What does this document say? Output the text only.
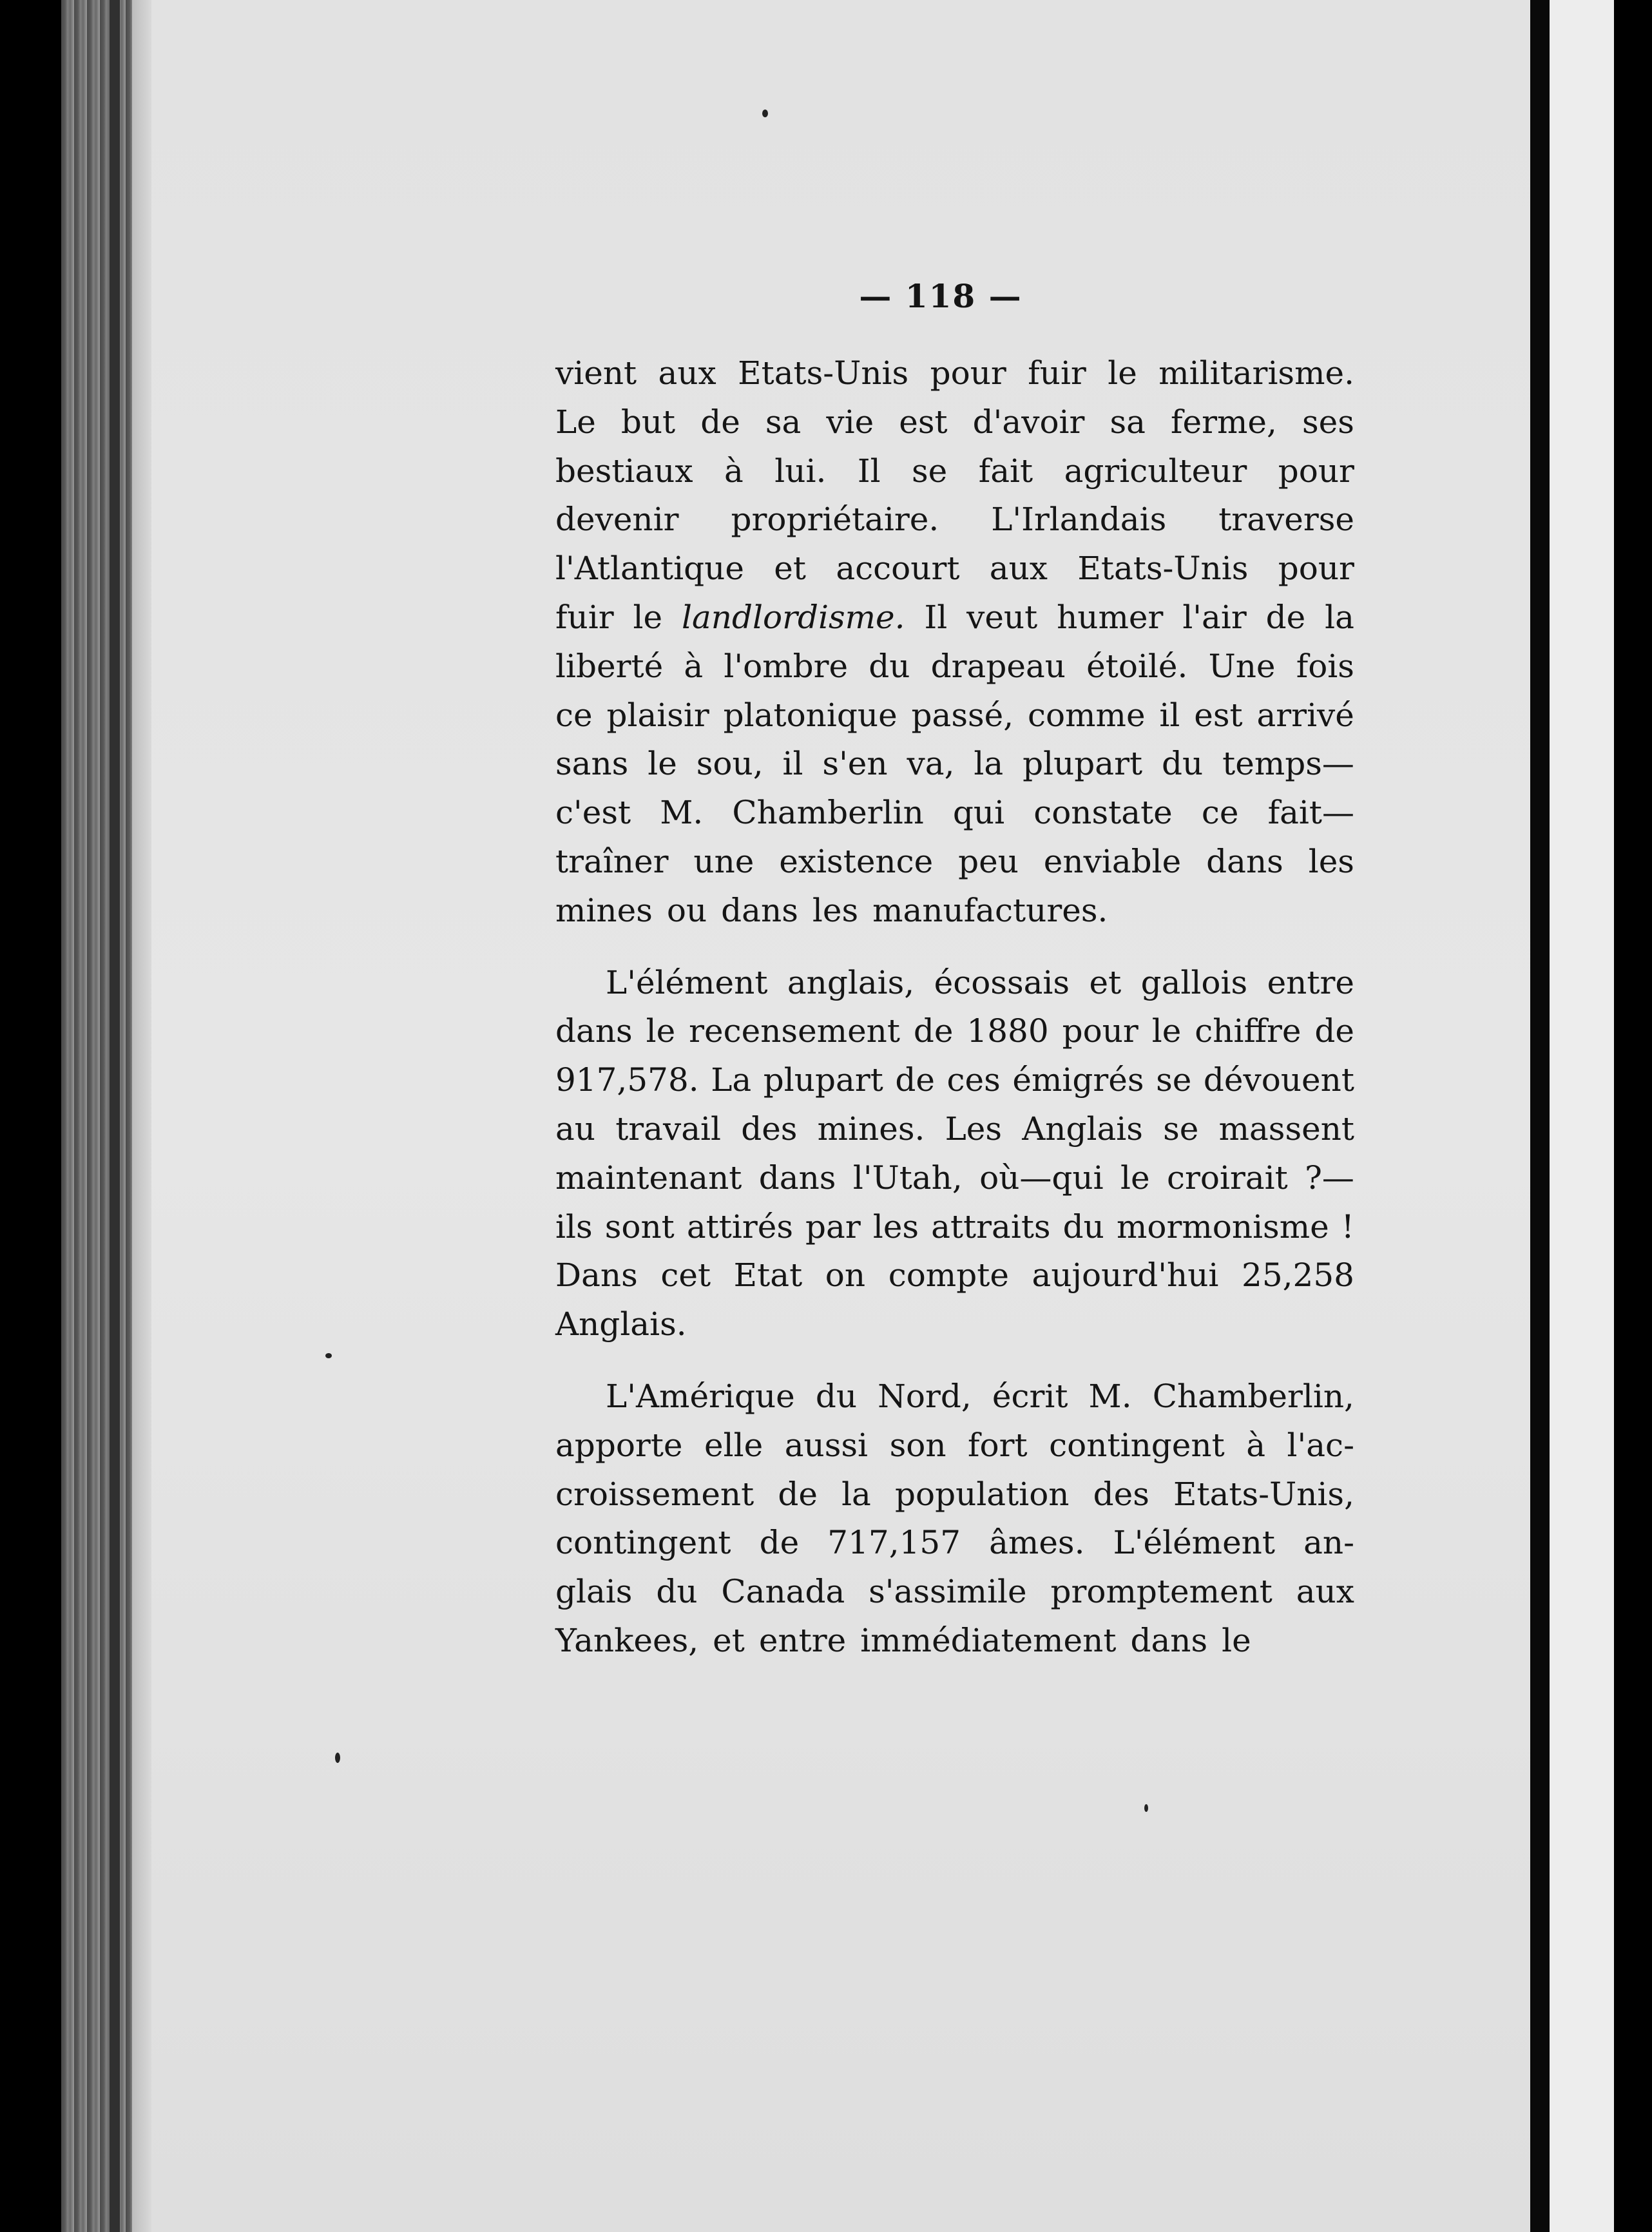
— 118 —
vient aux Etats-Unis pour fuir le militarisme.
Le but de sa vie est d'avoir sa ferme, ses
bestiaux à lui. Il se fait agriculteur pour
devenir propriétaire. L'Irlandais traverse
l'Atlantique et accourt aux Etats-Unis pour
fuir le landlordisme. Il veut humer l'air de la
liberté à l'ombre du drapeau étoilé. Une fois
ce plaisir platonique passé, comme il est arrivé
sans le sou, il s'en va, la plupart du temps—
c'est M. Chamberlin qui constate ce fait—
traîner une existence peu enviable dans les
mines ou dans les manufactures.
L'élément anglais, écossais et gallois entre
dans le recensement de 1880 pour le chiffre de
917,578. La plupart de ces émigrés se dévouent
au travail des mines. Les Anglais se massent
maintenant dans l'Utah, où—qui le croirait ?—
ils sont attirés par les attraits du mormonisme !
Dans cet Etat on compte aujourd'hui 25,258
Anglais.
L'Amérique du Nord, écrit M. Chamberlin,
apporte elle aussi son fort contingent à l'ac-
croissement de la population des Etats-Unis,
contingent de 717,157 âmes. L'élément an-
glais du Canada s'assimile promptement aux
Yankees, et entre immédiatement dans le
